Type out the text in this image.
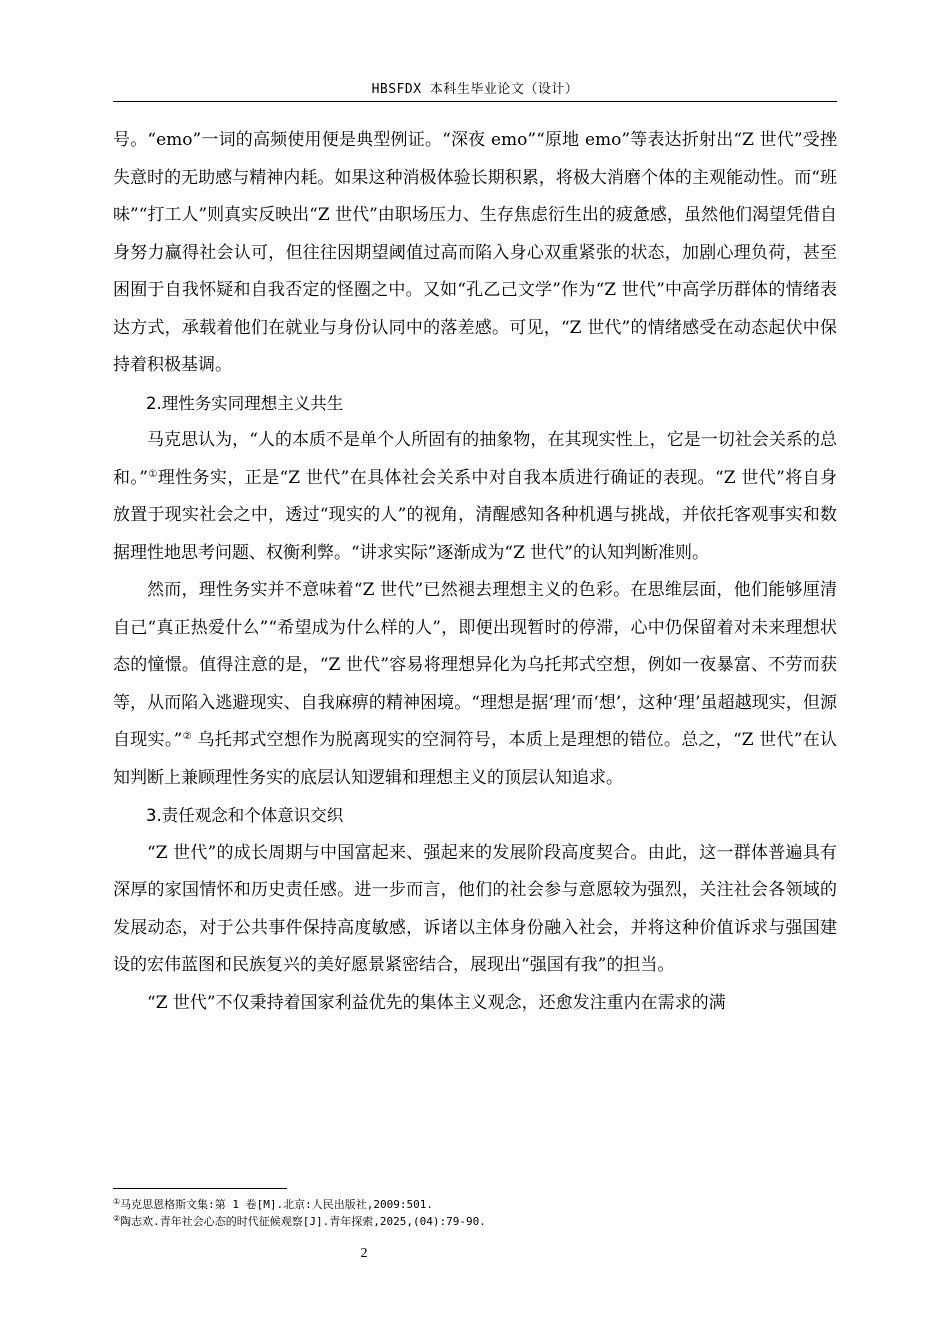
HBSFDX 本科生毕业论文（设计）

号。“emo”一词的高频使用便是典型例证。“深夜 emo”“原地 emo”等表达折射出“Z 世代”受挫失意时的无助感与精神内耗。如果这种消极体验长期积累，将极大消磨个体的主观能动性。而“班味”“打工人”则真实反映出“Z 世代”由职场压力、生存焦虑衍生出的疲惫感，虽然他们渴望凭借自身努力赢得社会认可，但往往因期望阈值过高而陷入身心双重紧张的状态，加剧心理负荷，甚至困囿于自我怀疑和自我否定的怪圈之中。又如“孔乙己文学”作为“Z 世代”中高学历群体的情绪表达方式，承载着他们在就业与身份认同中的落差感。可见，“Z 世代”的情绪感受在动态起伏中保持着积极基调。

2.理性务实同理想主义共生

马克思认为，“人的本质不是单个人所固有的抽象物，在其现实性上，它是一切社会关系的总和。”①理性务实，正是“Z 世代”在具体社会关系中对自我本质进行确证的表现。“Z 世代”将自身放置于现实社会之中，透过“现实的人”的视角，清醒感知各种机遇与挑战，并依托客观事实和数据理性地思考问题、权衡利弊。“讲求实际”逐渐成为“Z 世代”的认知判断准则。

然而，理性务实并不意味着“Z 世代”已然褪去理想主义的色彩。在思维层面，他们能够厘清自己“真正热爱什么”“希望成为什么样的人”，即便出现暂时的停滞，心中仍保留着对未来理想状态的憧憬。值得注意的是，“Z 世代”容易将理想异化为乌托邦式空想，例如一夜暴富、不劳而获等，从而陷入逃避现实、自我麻痹的精神困境。“理想是据‘理’而‘想’，这种‘理’虽超越现实，但源自现实。”② 乌托邦式空想作为脱离现实的空洞符号，本质上是理想的错位。总之，“Z 世代”在认知判断上兼顾理性务实的底层认知逻辑和理想主义的顶层认知追求。

3.责任观念和个体意识交织

“Z 世代”的成长周期与中国富起来、强起来的发展阶段高度契合。由此，这一群体普遍具有深厚的家国情怀和历史责任感。进一步而言，他们的社会参与意愿较为强烈，关注社会各领域的发展动态，对于公共事件保持高度敏感，诉诸以主体身份融入社会，并将这种价值诉求与强国建设的宏伟蓝图和民族复兴的美好愿景紧密结合，展现出“强国有我”的担当。

“Z 世代”不仅秉持着国家利益优先的集体主义观念，还愈发注重内在需求的满

①马克思恩格斯文集:第 1 卷[M].北京:人民出版社,2009:501.
②陶志欢.青年社会心态的时代征候观察[J].青年探索,2025,(04):79-90.
2
